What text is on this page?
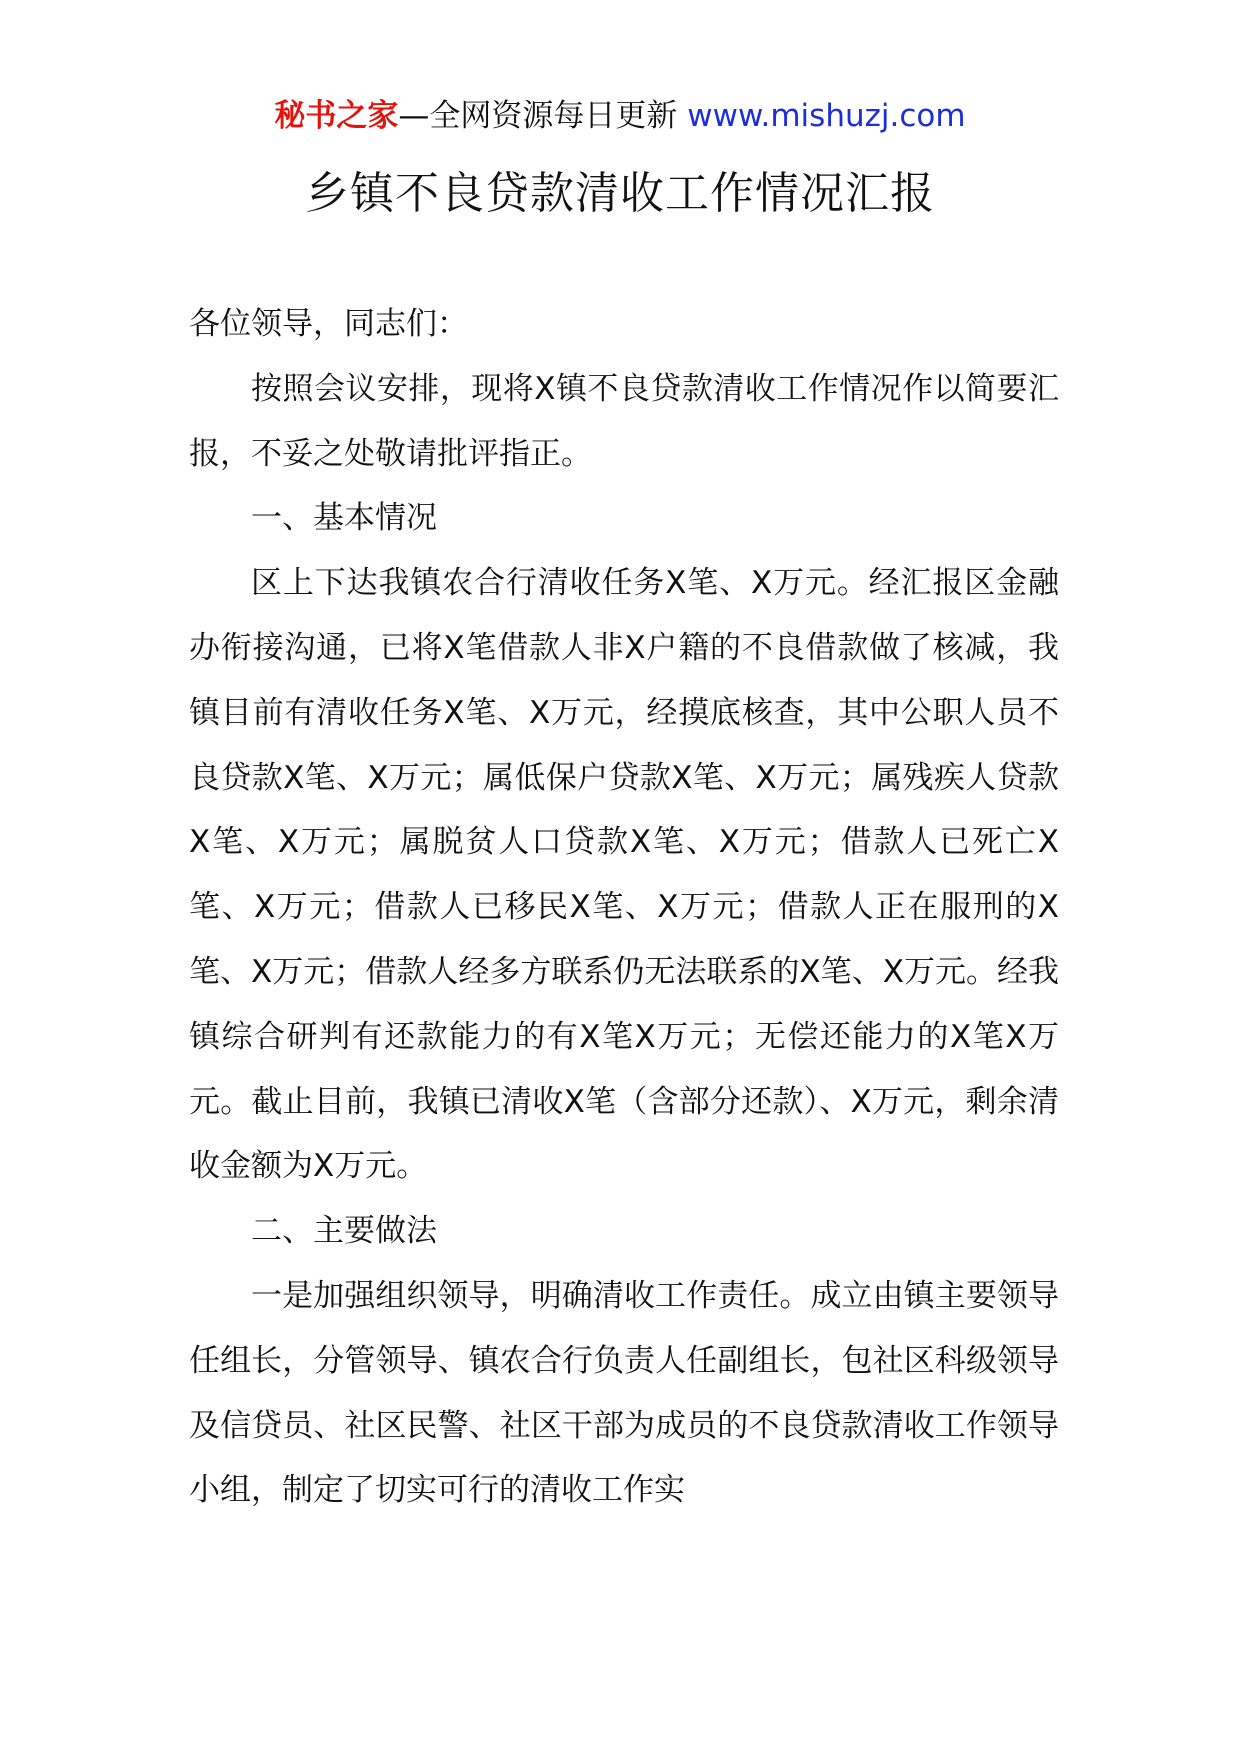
秘书之家—全网资源每日更新 www.mishuzj.com
乡镇不良贷款清收工作情况汇报

各位领导，同志们：

按照会议安排，现将X镇不良贷款清收工作情况作以简要汇报，不妥之处敬请批评指正。

一、基本情况

区上下达我镇农合行清收任务X笔、X万元。经汇报区金融办衔接沟通，已将X笔借款人非X户籍的不良借款做了核减，我镇目前有清收任务X笔、X万元，经摸底核查，其中公职人员不良贷款X笔、X万元；属低保户贷款X笔、X万元；属残疾人贷款X笔、X万元；属脱贫人口贷款X笔、X万元；借款人已死亡X笔、X万元；借款人已移民X笔、X万元；借款人正在服刑的X笔、X万元；借款人经多方联系仍无法联系的X笔、X万元。经我镇综合研判有还款能力的有X笔X万元；无偿还能力的X笔X万元。截止目前，我镇已清收X笔（含部分还款）、X万元，剩余清收金额为X万元。

二、主要做法

一是加强组织领导，明确清收工作责任。成立由镇主要领导任组长，分管领导、镇农合行负责人任副组长，包社区科级领导及信贷员、社区民警、社区干部为成员的不良贷款清收工作领导小组，制定了切实可行的清收工作实
